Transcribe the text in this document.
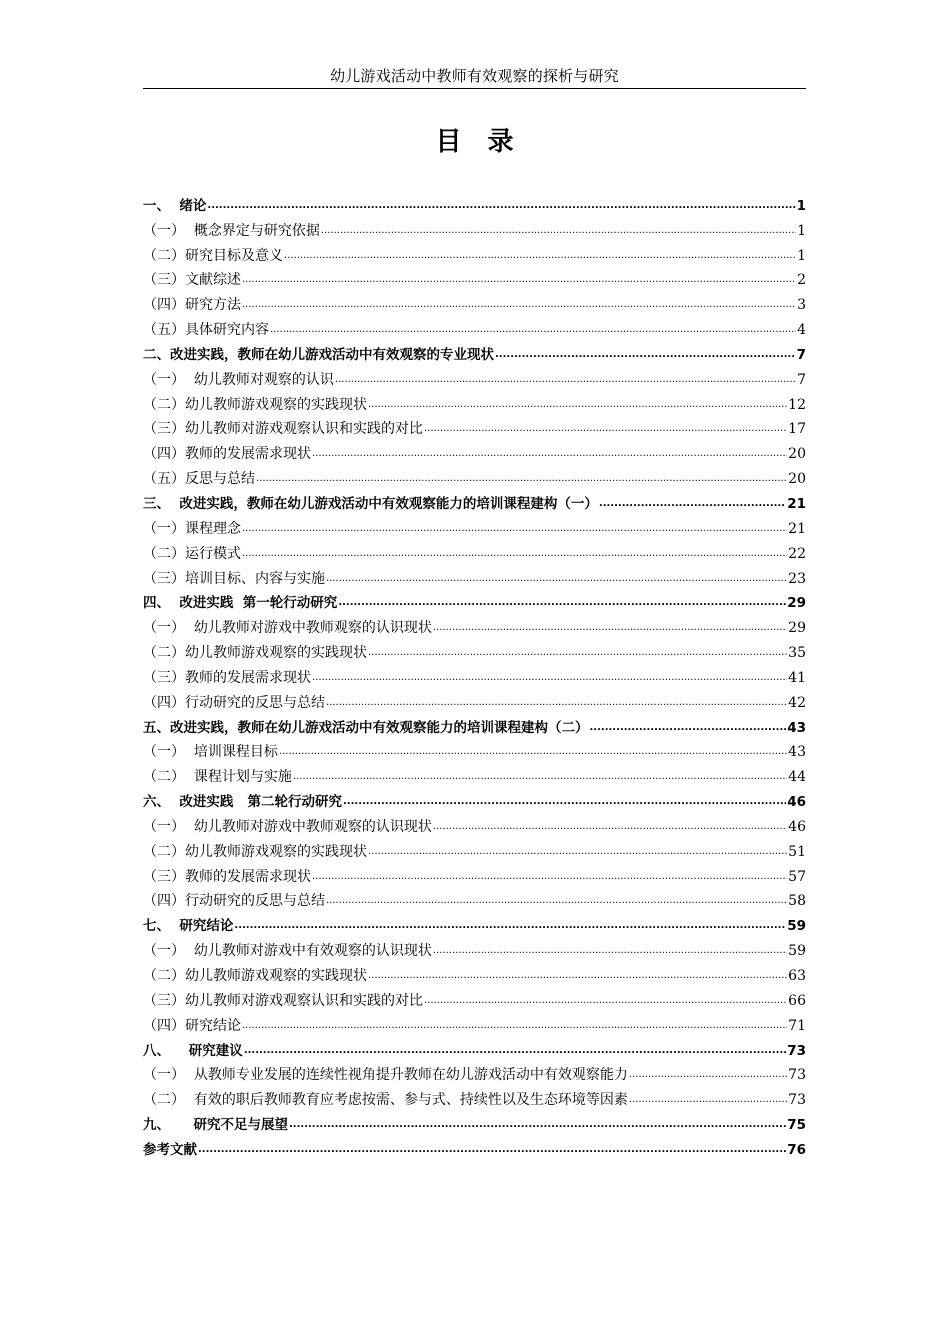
幼儿游戏活动中教师有效观察的探析与研究
目录
一、  绪论 .....	1
（一）  概念界定与研究依据 .....	1
（二）研究目标及意义 .....	1
（三）文献综述 .....	2
（四）研究方法 .....	3
（五）具体研究内容 .....	4
二、改进实践，教师在幼儿游戏活动中有效观察的专业现状 .....	7
（一）  幼儿教师对观察的认识 .....	7
（二）幼儿教师游戏观察的实践现状 .....	12
（三）幼儿教师对游戏观察认识和实践的对比 .....	17
（四）教师的发展需求现状 .....	20
（五）反思与总结 .....	20
三、  改进实践，教师在幼儿游戏活动中有效观察能力的培训课程建构（一） .....	21
（一）课程理念 .....	21
（二）运行模式 .....	22
（三）培训目标、内容与实施 .....	23
四、  改进实践  第一轮行动研究 .....	29
（一）  幼儿教师对游戏中教师观察的认识现状 .....	29
（二）幼儿教师游戏观察的实践现状 .....	35
（三）教师的发展需求现状 .....	41
（四）行动研究的反思与总结 .....	42
五、改进实践，教师在幼儿游戏活动中有效观察能力的培训课程建构（二） .....	43
（一）  培训课程目标 .....	43
（二）  课程计划与实施 .....	44
六、  改进实践   第二轮行动研究 .....	46
（一）  幼儿教师对游戏中教师观察的认识现状 .....	46
（二）幼儿教师游戏观察的实践现状 .....	51
（三）教师的发展需求现状 .....	57
（四）行动研究的反思与总结 .....	58
七、  研究结论 .....	59
（一）  幼儿教师对游戏中有效观察的认识现状 .....	59
（二）幼儿教师游戏观察的实践现状 .....	63
（三）幼儿教师对游戏观察认识和实践的对比 .....	66
（四）研究结论 .....	71
八、    研究建议 .....	73
（一）  从教师专业发展的连续性视角提升教师在幼儿游戏活动中有效观察能力 .....	73
（二）  有效的职后教师教育应考虑按需、参与式、持续性以及生态环境等因素 .....	73
九、     研究不足与展望 .....	75
参考文献 .....	76
